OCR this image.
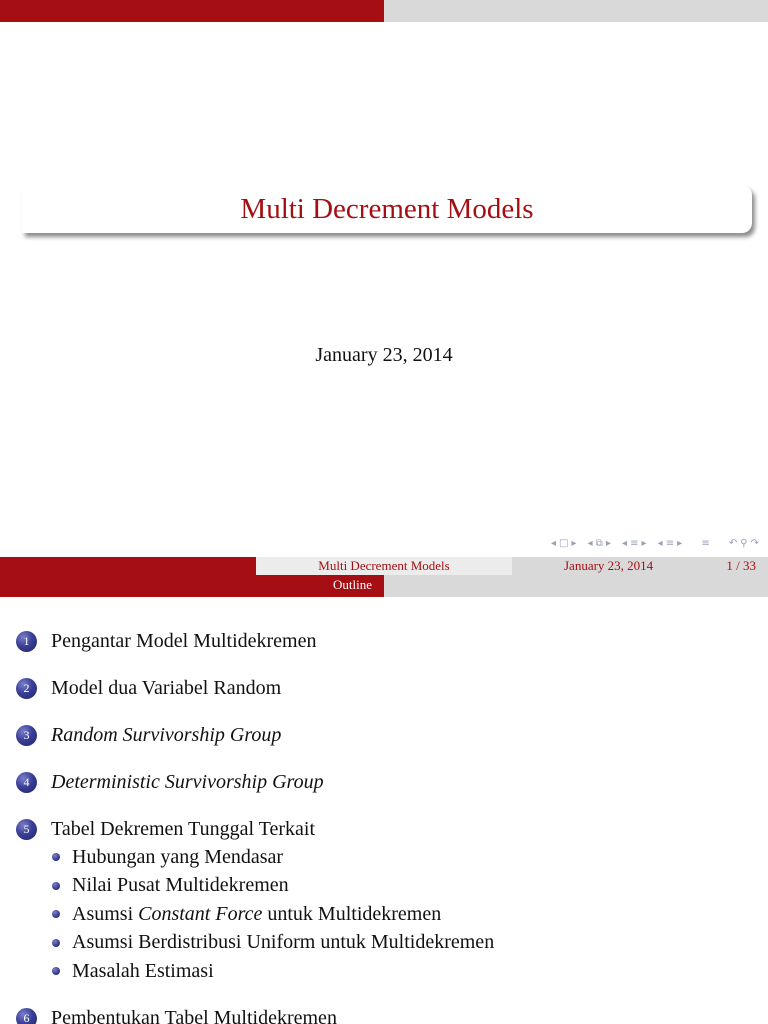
Multi Decrement Models
January 23, 2014
◂ □ ▸ ◂ ⧉ ▸ ◂ ≡ ▸ ◂ ≡ ▸ ≡ ↶ ⚲ ↷
Multi Decrement Models	January 23, 2014	1 / 33
Outline
1	Pengantar Model Multidekremen
2	Model dua Variabel Random
3	Random Survivorship Group
4	Deterministic Survivorship Group
5	Tabel Dekremen Tunggal Terkait
Hubungan yang Mendasar
Nilai Pusat Multidekremen
Asumsi Constant Force untuk Multidekremen
Asumsi Berdistribusi Uniform untuk Multidekremen
Masalah Estimasi
6	Pembentukan Tabel Multidekremen
